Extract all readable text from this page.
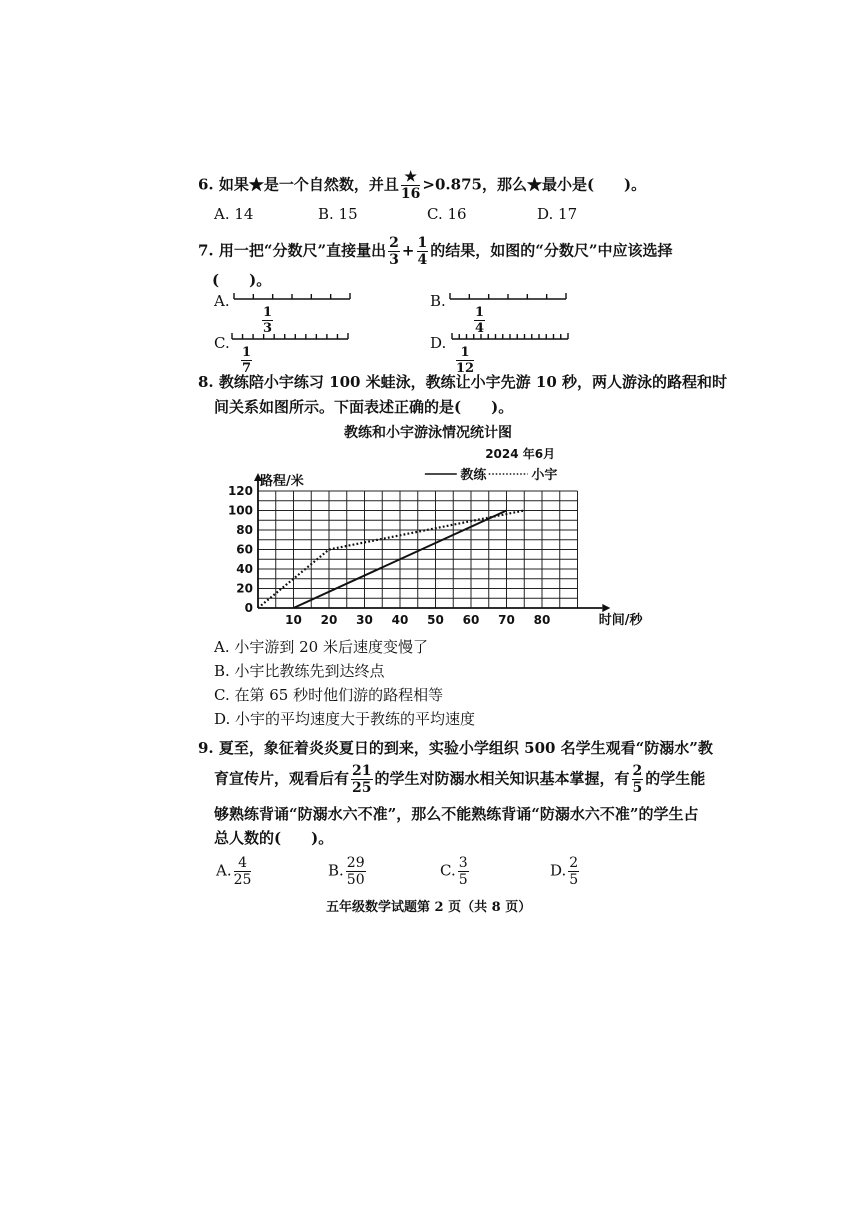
6. 如果★是一个自然数，并且 $\frac{★}{16} >0.875$，那么★最小是(　　)。
A. 14	B. 15	C. 16	D. 17
7. 用一把“分数尺”直接量出 $\frac{2}{3} + \frac{1}{4}$ 的结果，如图的“分数尺”中应该选择
(　　)。
A.
$\frac{1}{3}$
B.
$\frac{1}{4}$
C.
$\frac{1}{7}$
D.
$\frac{1}{12}$
8. 教练陪小宇练习 100 米蛙泳，教练让小宇先游 10 秒，两人游泳的路程和时
间关系如图所示。下面表述正确的是(　　)。
教练和小宇游泳情况统计图
0
20
40
60
80
100
120
10 20 30 40 50 60 70 80
路程/米
时间/秒
2024 年6月
教练	小宇
A. 小宇游到 20 米后速度变慢了
B. 小宇比教练先到达终点
C. 在第 65 秒时他们游的路程相等
D. 小宇的平均速度大于教练的平均速度
9. 夏至，象征着炎炎夏日的到来，实验小学组织 500 名学生观看“防溺水”教
育宣传片，观看后有 $\frac{21}{25}$ 的学生对防溺水相关知识基本掌握，有 $\frac{2}{5}$ 的学生能
够熟练背诵“防溺水六不准”，那么不能熟练背诵“防溺水六不准”的学生占
总人数的(　　)。
A. $\frac{4}{25}$	B. $\frac{29}{50}$	C. $\frac{3}{5}$	D. $\frac{2}{5}$
五年级数学试题第 2 页（共 8 页）
